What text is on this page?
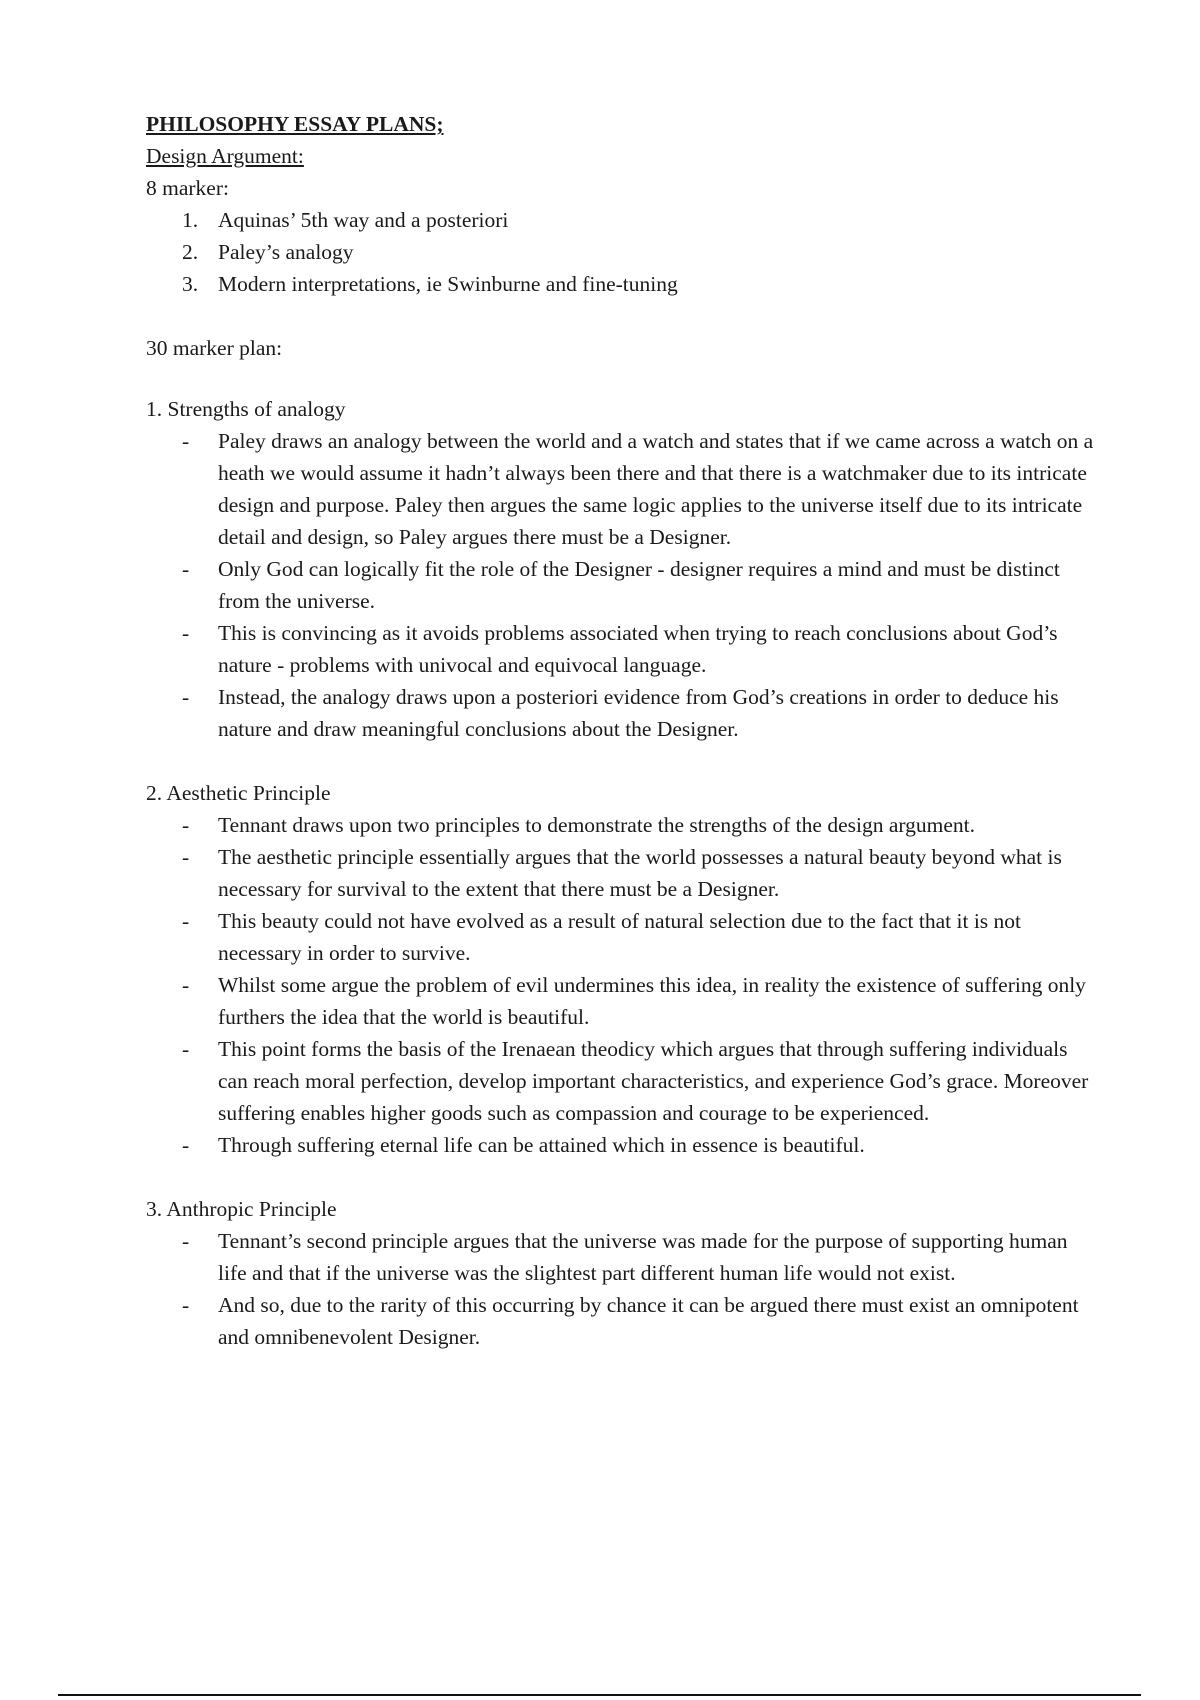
PHILOSOPHY ESSAY PLANS;

Design Argument:

8 marker:

1. Aquinas’ 5th way and a posteriori
2. Paley’s analogy
3. Modern interpretations, ie Swinburne and fine-tuning

30 marker plan:

1. Strengths of analogy

-	Paley draws an analogy between the world and a watch and states that if we came across a watch on a heath we would assume it hadn’t always been there and that there is a watchmaker due to its intricate design and purpose. Paley then argues the same logic applies to the universe itself due to its intricate detail and design, so Paley argues there must be a Designer.
-	Only God can logically fit the role of the Designer - designer requires a mind and must be distinct from the universe.
-	This is convincing as it avoids problems associated when trying to reach conclusions about God’s nature - problems with univocal and equivocal language.
-	Instead, the analogy draws upon a posteriori evidence from God’s creations in order to deduce his nature and draw meaningful conclusions about the Designer.

2. Aesthetic Principle

-	Tennant draws upon two principles to demonstrate the strengths of the design argument.
-	The aesthetic principle essentially argues that the world possesses a natural beauty beyond what is necessary for survival to the extent that there must be a Designer.
-	This beauty could not have evolved as a result of natural selection due to the fact that it is not necessary in order to survive.
-	Whilst some argue the problem of evil undermines this idea, in reality the existence of suffering only furthers the idea that the world is beautiful.
-	This point forms the basis of the Irenaean theodicy which argues that through suffering individuals can reach moral perfection, develop important characteristics, and experience God’s grace. Moreover suffering enables higher goods such as compassion and courage to be experienced.
-	Through suffering eternal life can be attained which in essence is beautiful.

3. Anthropic Principle

-	Tennant’s second principle argues that the universe was made for the purpose of supporting human life and that if the universe was the slightest part different human life would not exist.
-	And so, due to the rarity of this occurring by chance it can be argued there must exist an omnipotent and omnibenevolent Designer.
